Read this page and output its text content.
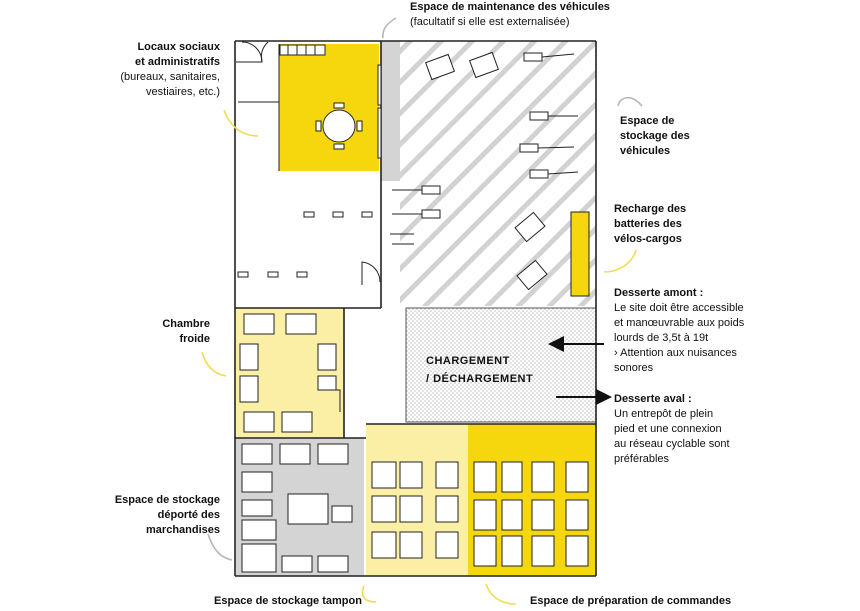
Espace de maintenance des véhicules
(facultatif si elle est externalisée)
Locaux sociaux
et administratifs
(bureaux, sanitaires,
vestiaires, etc.)
Espace de
stockage des
véhicules
Recharge des
batteries des
vélos-cargos
Desserte amont :
Le site doit être accessible
et manœuvrable aux poids
lourds de 3,5t à 19t
› Attention aux nuisances
sonores
Desserte aval :
Un entrepôt de plein
pied et une connexion
au réseau cyclable sont
préférables
Chambre
froide
Espace de stockage
déporté des
marchandises
Espace de stockage tampon	Espace de préparation de commandes
CHARGEMENT
/ DÉCHARGEMENT
